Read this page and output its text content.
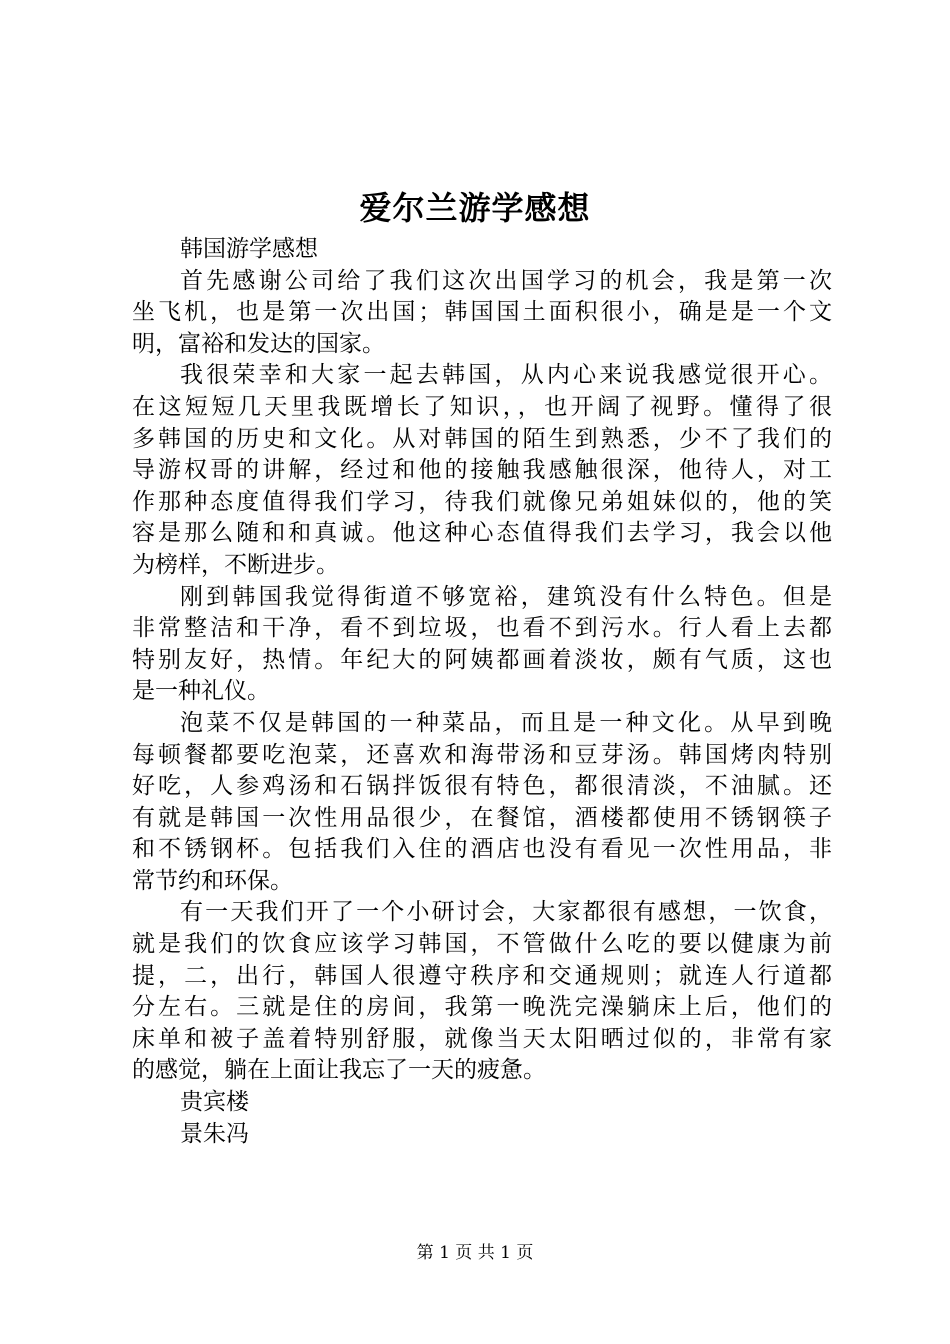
爱尔兰游学感想
韩国游学感想
首先感谢公司给了我们这次出国学习的机会，我是第一次
坐飞机，也是第一次出国；韩国国土面积很小，确是是一个文
明，富裕和发达的国家。
我很荣幸和大家一起去韩国，从内心来说我感觉很开心。
在这短短几天里我既增长了知识，，也开阔了视野。懂得了很
多韩国的历史和文化。从对韩国的陌生到熟悉，少不了我们的
导游权哥的讲解，经过和他的接触我感触很深，他待人，对工
作那种态度值得我们学习，待我们就像兄弟姐妹似的，他的笑
容是那么随和和真诚。他这种心态值得我们去学习，我会以他
为榜样，不断进步。
刚到韩国我觉得街道不够宽裕，建筑没有什么特色。但是
非常整洁和干净，看不到垃圾，也看不到污水。行人看上去都
特别友好，热情。年纪大的阿姨都画着淡妆，颇有气质，这也
是一种礼仪。
泡菜不仅是韩国的一种菜品，而且是一种文化。从早到晚
每顿餐都要吃泡菜，还喜欢和海带汤和豆芽汤。韩国烤肉特别
好吃，人参鸡汤和石锅拌饭很有特色，都很清淡，不油腻。还
有就是韩国一次性用品很少，在餐馆，酒楼都使用不锈钢筷子
和不锈钢杯。包括我们入住的酒店也没有看见一次性用品，非
常节约和环保。
有一天我们开了一个小研讨会，大家都很有感想，一饮食，
就是我们的饮食应该学习韩国，不管做什么吃的要以健康为前
提，二，出行，韩国人很遵守秩序和交通规则；就连人行道都
分左右。三就是住的房间，我第一晚洗完澡躺床上后，他们的
床单和被子盖着特别舒服，就像当天太阳晒过似的，非常有家
的感觉，躺在上面让我忘了一天的疲惫。
贵宾楼
景朱冯
第 1 页 共 1 页
